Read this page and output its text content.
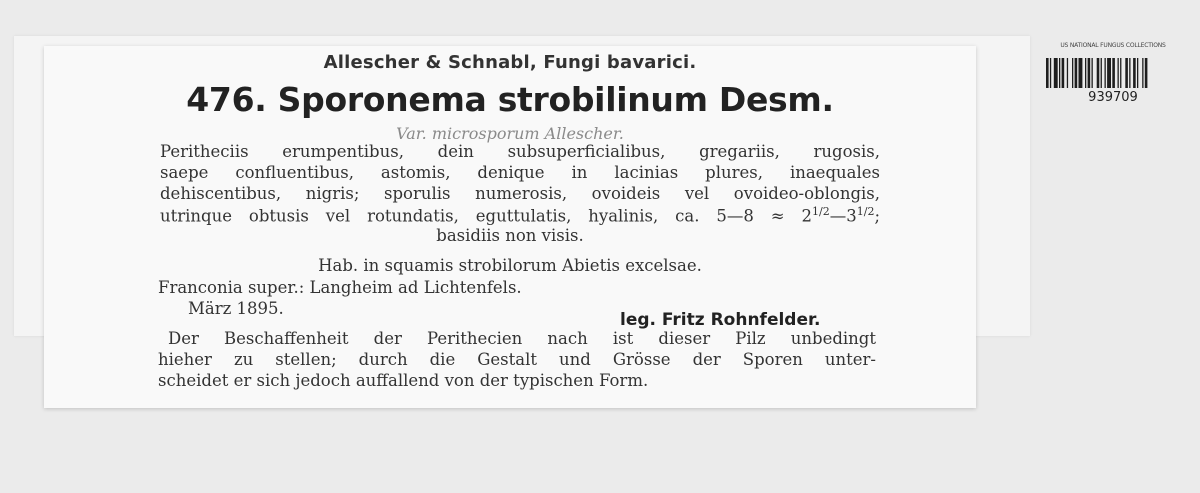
Allescher & Schnabl, Fungi bavarici.
476. Sporonema strobilinum Desm.
Var. microsporum Allescher.
Peritheciis erumpentibus, dein subsuperficialibus, gregariis, rugosis,
saepe confluentibus, astomis, denique in lacinias plures, inaequales
dehiscentibus, nigris; sporulis numerosis, ovoideis vel ovoideo-oblongis,
utrinque obtusis vel rotundatis, eguttulatis, hyalinis, ca. 5—8 ≈ $2^{1/2}—3^{1/2}$;
basidiis non visis.
Hab. in squamis strobilorum Abietis excelsae.
Franconia super.: Langheim ad Lichtenfels.
März 1895.
leg. Fritz Rohnfelder.
Der Beschaffenheit der Perithecien nach ist dieser Pilz unbedingt
hieher zu stellen; durch die Gestalt und Grösse der Sporen unter-
scheidet er sich jedoch auffallend von der typischen Form.
US NATIONAL FUNGUS COLLECTIONS
939709
